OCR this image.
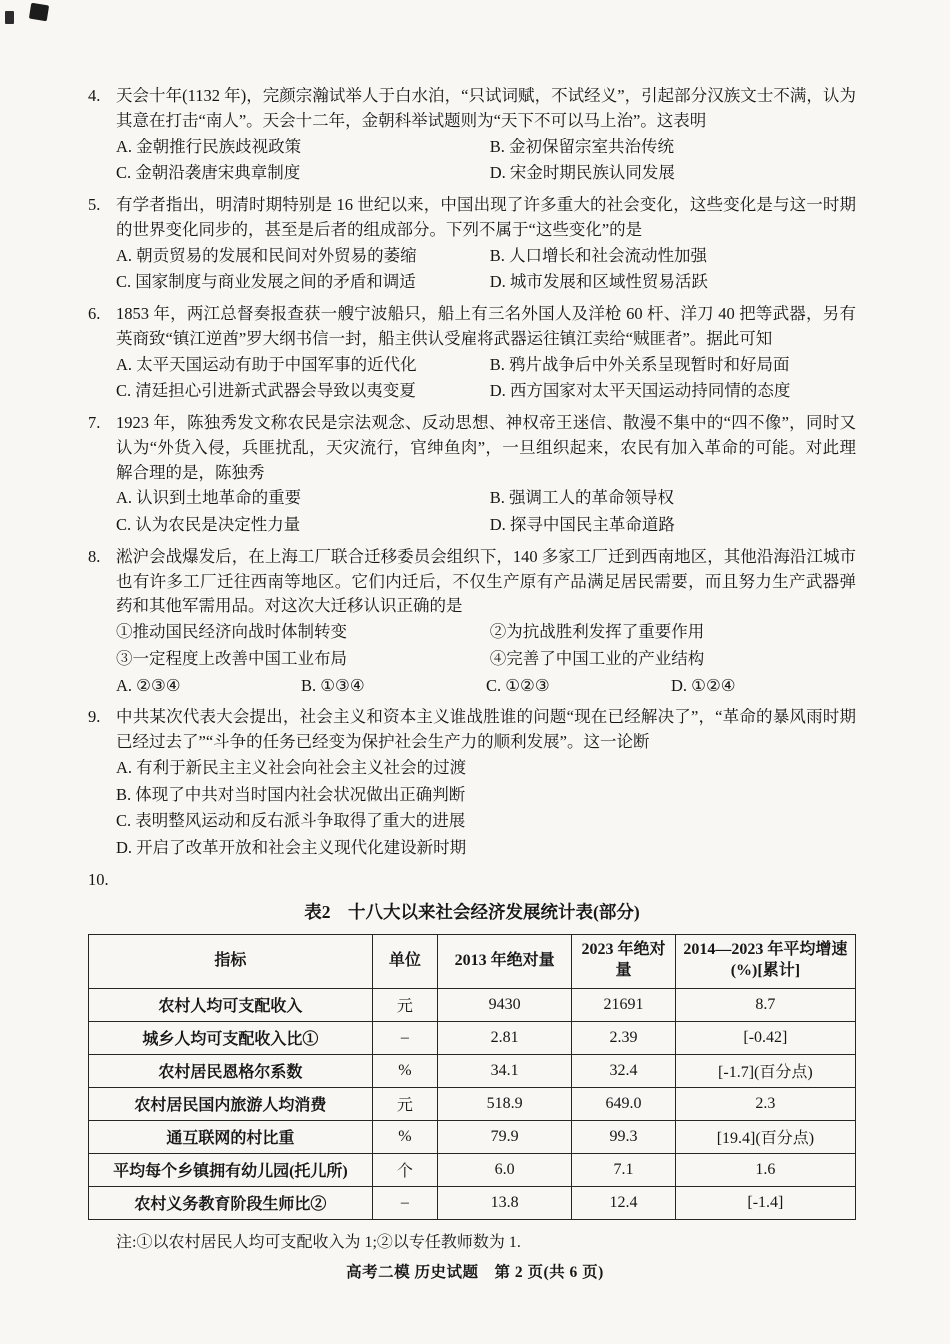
4. 天会十年(1132 年)，完颜宗瀚试举人于白水泊，“只试词赋，不试经义”，引起部分汉族文士不满，认为其意在打击“南人”。天会十二年，金朝科举试题则为“天下不可以马上治”。这表明
A. 金朝推行民族歧视政策	B. 金初保留宗室共治传统
C. 金朝沿袭唐宋典章制度	D. 宋金时期民族认同发展
5. 有学者指出，明清时期特别是 16 世纪以来，中国出现了许多重大的社会变化，这些变化是与这一时期的世界变化同步的，甚至是后者的组成部分。下列不属于“这些变化”的是
A. 朝贡贸易的发展和民间对外贸易的萎缩	B. 人口增长和社会流动性加强
C. 国家制度与商业发展之间的矛盾和调适	D. 城市发展和区域性贸易活跃
6. 1853 年，两江总督奏报查获一艘宁波船只，船上有三名外国人及洋枪 60 杆、洋刀 40 把等武器，另有英商致“镇江逆酋”罗大纲书信一封，船主供认受雇将武器运往镇江卖给“贼匪者”。据此可知
A. 太平天国运动有助于中国军事的近代化	B. 鸦片战争后中外关系呈现暂时和好局面
C. 清廷担心引进新式武器会导致以夷变夏	D. 西方国家对太平天国运动持同情的态度
7. 1923 年，陈独秀发文称农民是宗法观念、反动思想、神权帝王迷信、散漫不集中的“四不像”，同时又认为“外货入侵，兵匪扰乱，天灾流行，官绅鱼肉”，一旦组织起来，农民有加入革命的可能。对此理解合理的是，陈独秀
A. 认识到土地革命的重要	B. 强调工人的革命领导权
C. 认为农民是决定性力量	D. 探寻中国民主革命道路
8. 淞沪会战爆发后，在上海工厂联合迁移委员会组织下，140 多家工厂迁到西南地区，其他沿海沿江城市也有许多工厂迁往西南等地区。它们内迁后，不仅生产原有产品满足居民需要，而且努力生产武器弹药和其他军需用品。对这次大迁移认识正确的是
①推动国民经济向战时体制转变	②为抗战胜利发挥了重要作用
③一定程度上改善中国工业布局	④完善了中国工业的产业结构
A. ②③④	B. ①③④	C. ①②③	D. ①②④
9. 中共某次代表大会提出，社会主义和资本主义谁战胜谁的问题“现在已经解决了”，“革命的暴风雨时期已经过去了”“斗争的任务已经变为保护社会生产力的顺利发展”。这一论断
A. 有利于新民主主义社会向社会主义社会的过渡
B. 体现了中共对当时国内社会状况做出正确判断
C. 表明整风运动和反右派斗争取得了重大的进展
D. 开启了改革开放和社会主义现代化建设新时期
10.
表2　十八大以来社会经济发展统计表(部分)
指标	单位	2013 年绝对量	2023 年绝对量	2014—2023 年平均增速(%)[累计]
农村人均可支配收入	元	9430	21691	8.7
城乡人均可支配收入比①	–	2.81	2.39	[-0.42]
农村居民恩格尔系数	%	34.1	32.4	[-1.7](百分点)
农村居民国内旅游人均消费	元	518.9	649.0	2.3
通互联网的村比重	%	79.9	99.3	[19.4](百分点)
平均每个乡镇拥有幼儿园(托儿所)	个	6.0	7.1	1.6
农村义务教育阶段生师比②	–	13.8	12.4	[-1.4]
注:①以农村居民人均可支配收入为 1;②以专任教师数为 1.
高考二模 历史试题　第 2 页(共 6 页)
